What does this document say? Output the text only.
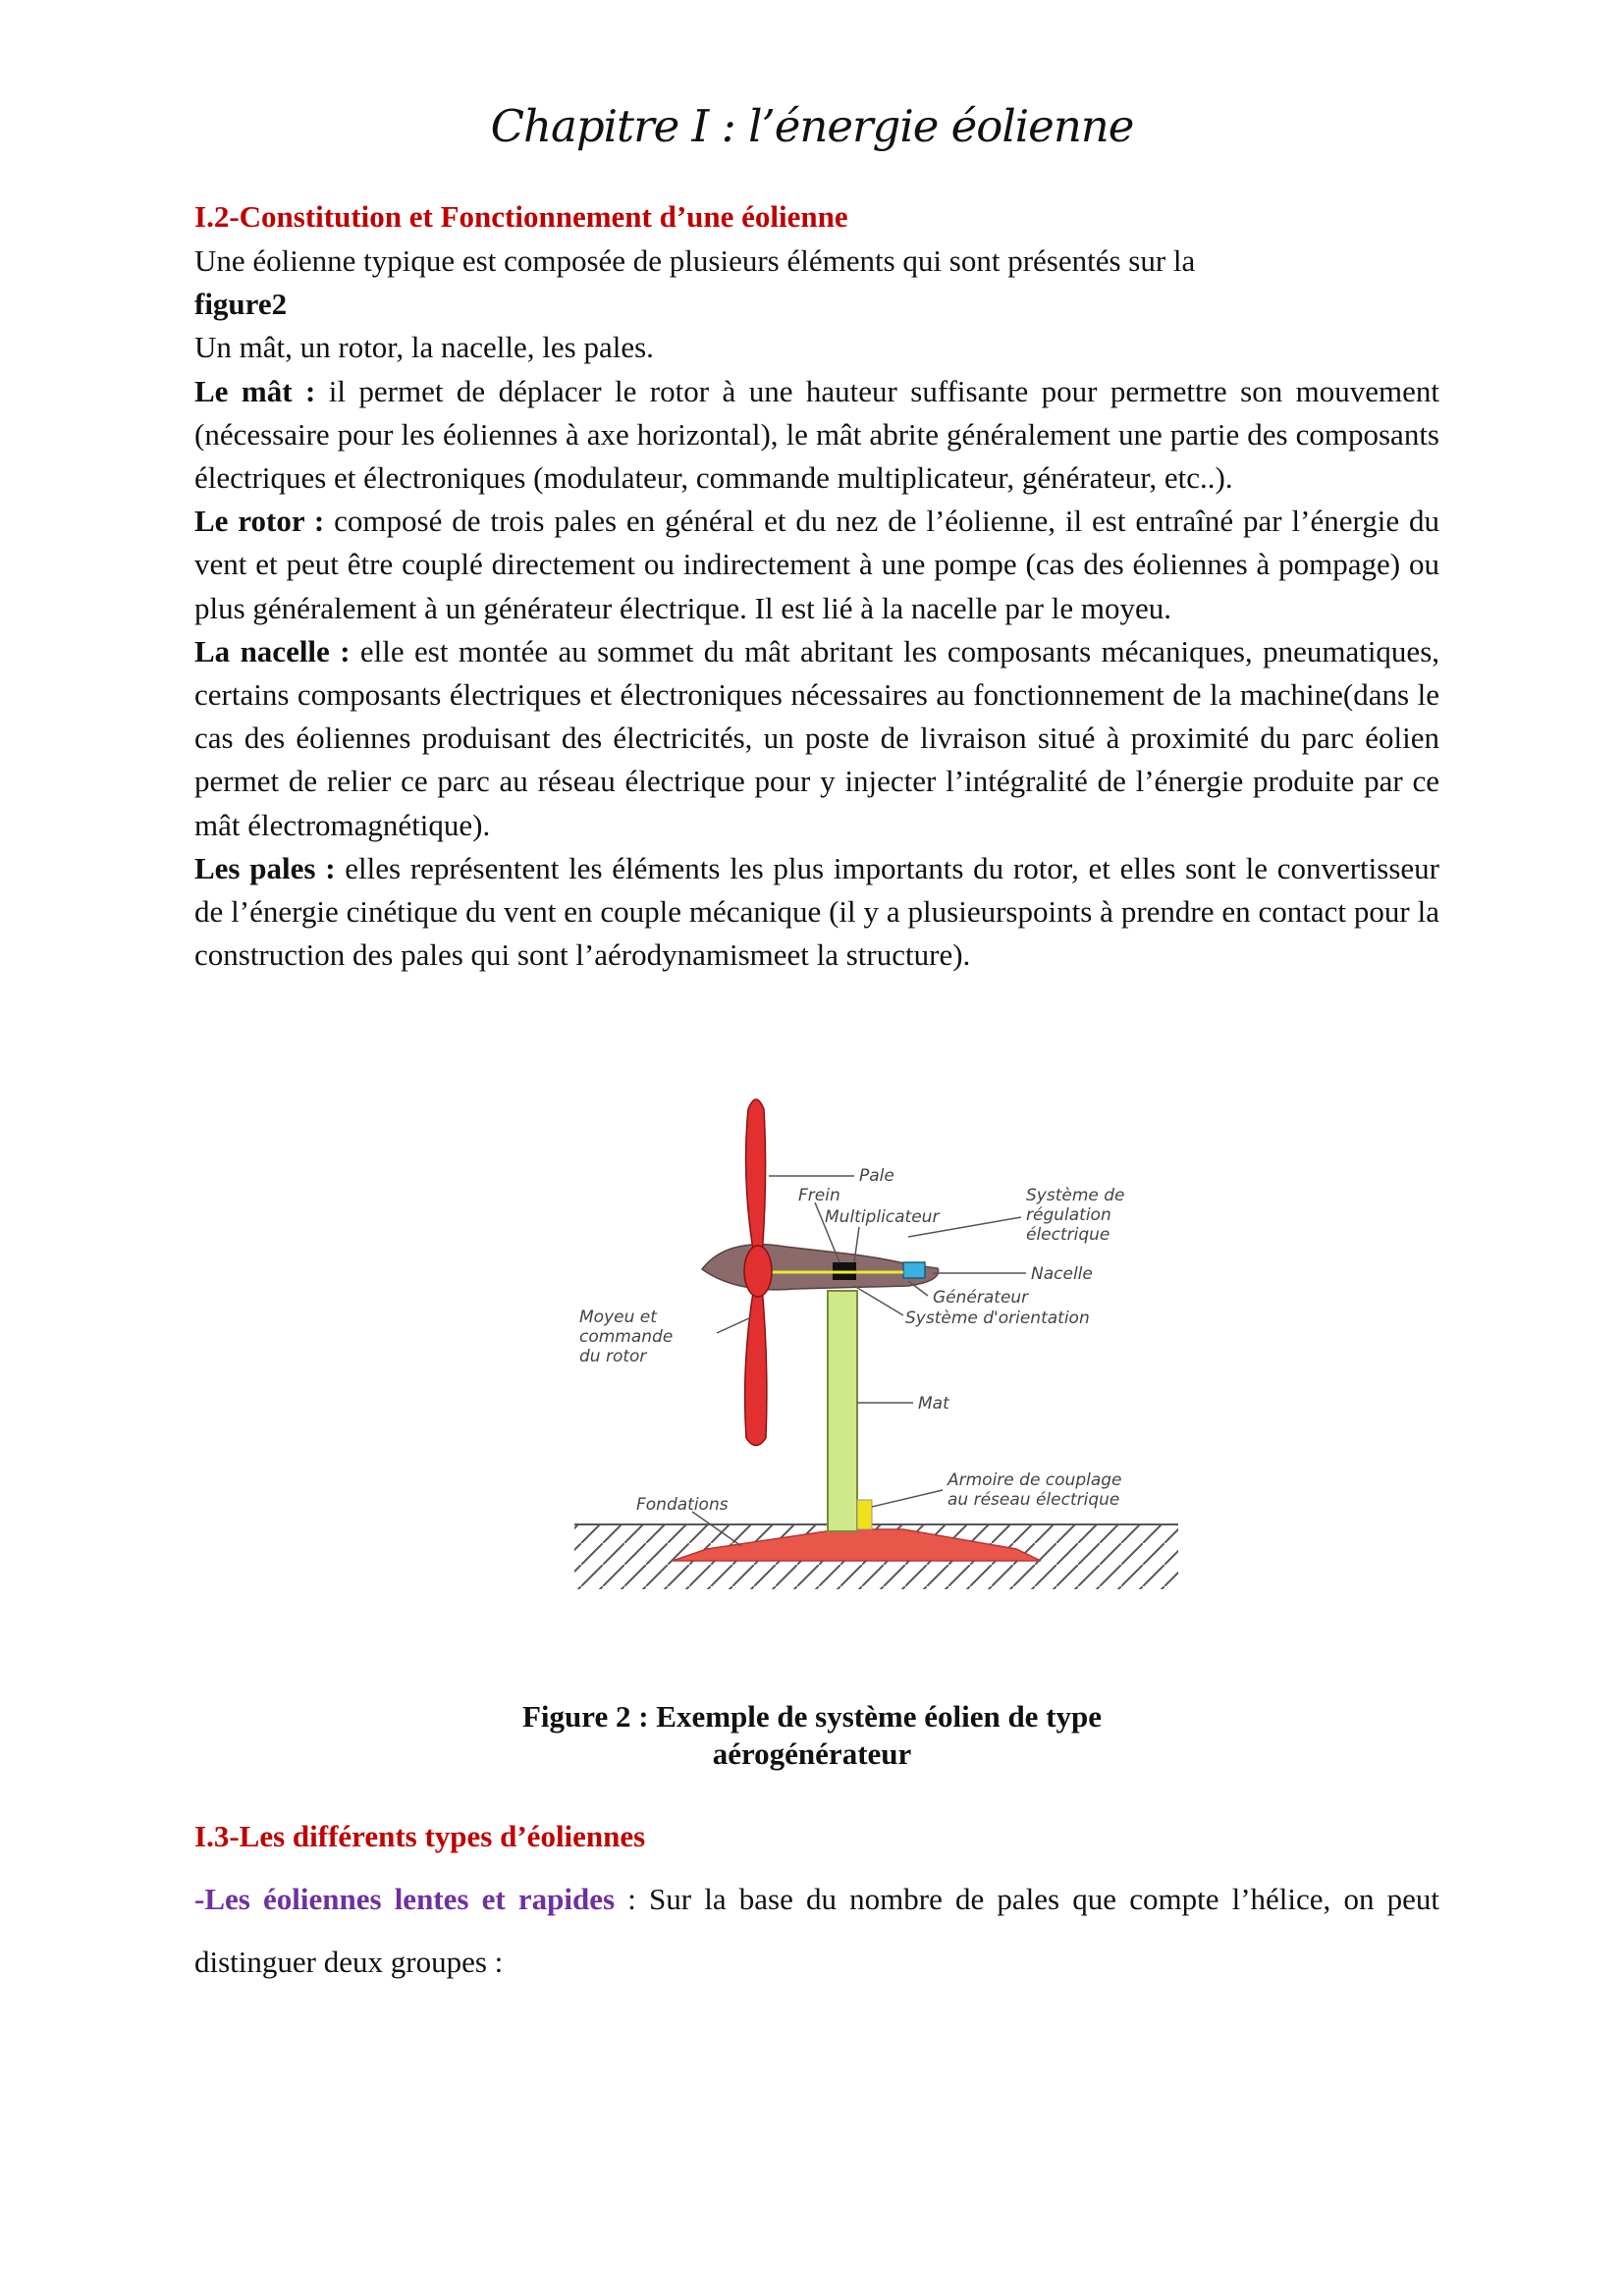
Chapitre I : l’énergie éolienne

I.2-Constitution et Fonctionnement d’une éolienne

Une éolienne typique est composée de plusieurs éléments qui sont présentés sur la
figure2

Un mât, un rotor, la nacelle, les pales.

Le mât : il permet de déplacer le rotor à une hauteur suffisante pour permettre son mouvement (nécessaire pour les éoliennes à axe horizontal), le mât abrite généralement une partie des composants électriques et électroniques (modulateur, commande multiplicateur, générateur, etc..).

Le rotor : composé de trois pales en général et du nez de l’éolienne, il est entraîné par l’énergie du vent et peut être couplé directement ou indirectement à une pompe (cas des éoliennes à pompage) ou plus généralement à un générateur électrique. Il est lié à la nacelle par le moyeu.

La nacelle : elle est montée au sommet du mât abritant les composants mécaniques, pneumatiques, certains composants électriques et électroniques nécessaires au fonctionnement de la machine(dans le cas des éoliennes produisant des électricités, un poste de livraison situé à proximité du parc éolien permet de relier ce parc au réseau électrique pour y injecter l’intégralité de l’énergie produite par ce mât électromagnétique).

Les pales : elles représentent les éléments les plus importants du rotor, et elles sont le convertisseur de l’énergie cinétique du vent en couple mécanique (il y a plusieurspoints à prendre en contact pour la construction des pales qui sont l’aérodynamismeet la structure).

Pale
Frein
Multiplicateur
Système de
régulation
électrique
Nacelle
Générateur
Système d'orientation
Moyeu et
commande
du rotor
Mat
Armoire de couplage
au réseau électrique
Fondations
Figure 2 : Exemple de système éolien de type
aérogénérateur

I.3-Les différents types d’éoliennes

-Les éoliennes lentes et rapides : Sur la base du nombre de pales que compte l’hélice, on peut distinguer deux groupes :
